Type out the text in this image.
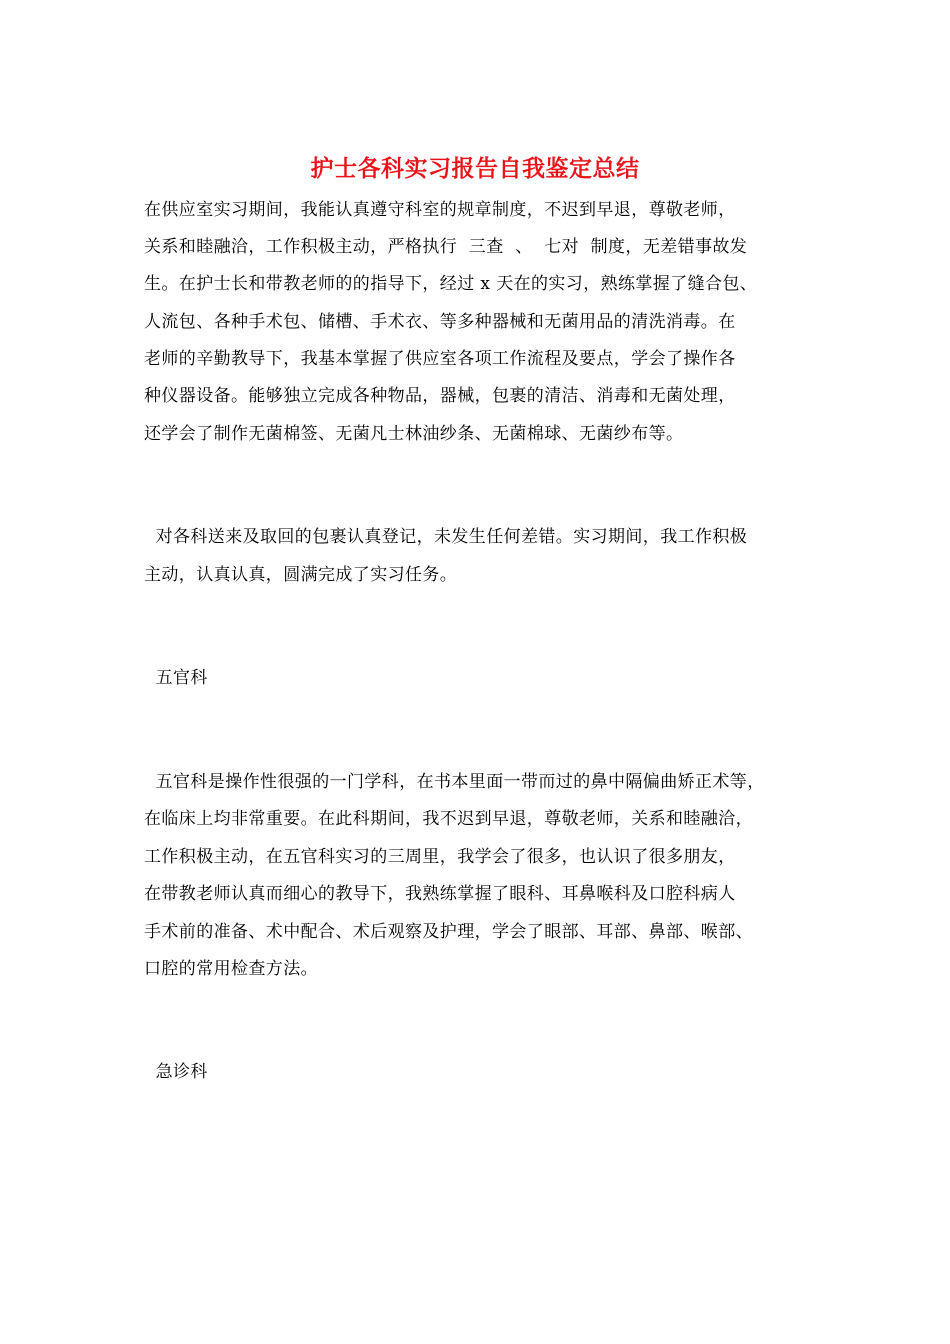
护士各科实习报告自我鉴定总结
在供应室实习期间，我能认真遵守科室的规章制度，不迟到早退，尊敬老师，
关系和睦融洽，工作积极主动，严格执行  三查  、  七对  制度，无差错事故发
生。在护士长和带教老师的的指导下，经过 x 天在的实习，熟练掌握了缝合包、
人流包、各种手术包、储槽、手术衣、等多种器械和无菌用品的清洗消毒。在
老师的辛勤教导下，我基本掌握了供应室各项工作流程及要点，学会了操作各
种仪器设备。能够独立完成各种物品，器械，包裹的清洁、消毒和无菌处理，
还学会了制作无菌棉签、无菌凡士林油纱条、无菌棉球、无菌纱布等。
对各科送来及取回的包裹认真登记，未发生任何差错。实习期间，我工作积极
主动，认真认真，圆满完成了实习任务。
五官科
五官科是操作性很强的一门学科，在书本里面一带而过的鼻中隔偏曲矫正术等，
在临床上均非常重要。在此科期间，我不迟到早退，尊敬老师，关系和睦融洽，
工作积极主动，在五官科实习的三周里，我学会了很多，也认识了很多朋友，
在带教老师认真而细心的教导下，我熟练掌握了眼科、耳鼻喉科及口腔科病人
手术前的准备、术中配合、术后观察及护理，学会了眼部、耳部、鼻部、喉部、
口腔的常用检查方法。
急诊科
